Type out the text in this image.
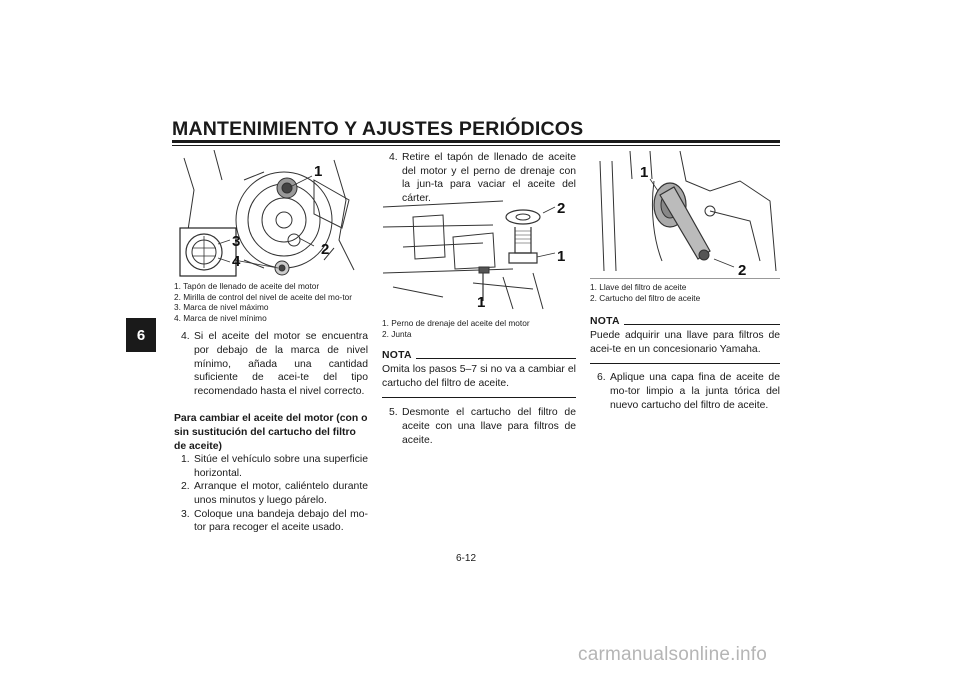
MANTENIMIENTO Y AJUSTES PERIÓDICOS
6
1
2
3
4
1. Tapón de llenado de aceite del motor
2. Mirilla de control del nivel de aceite del mo-tor
3. Marca de nivel máximo
4. Marca de nivel mínimo

4. Si el aceite del motor se encuentra por debajo de la marca de nivel mínimo, añada una cantidad suficiente de acei-te del tipo recomendado hasta el nivel correcto.

Para cambiar el aceite del motor (con o sin sustitución del cartucho del filtro de aceite)

1. Sitúe el vehículo sobre una superficie horizontal.

2. Arranque el motor, caliéntelo durante unos minutos y luego párelo.

3. Coloque una bandeja debajo del mo-tor para recoger el aceite usado.

4. Retire el tapón de llenado de aceite del motor y el perno de drenaje con la jun-ta para vaciar el aceite del cárter.

2
1
1
1. Perno de drenaje del aceite del motor
2. Junta
NOTA

Omita los pasos 5–7 si no va a cambiar el cartucho del filtro de aceite.

5. Desmonte el cartucho del filtro de aceite con una llave para filtros de aceite.

1
2
1. Llave del filtro de aceite
2. Cartucho del filtro de aceite
NOTA

Puede adquirir una llave para filtros de acei-te en un concesionario Yamaha.

6. Aplique una capa fina de aceite de mo-tor limpio a la junta tórica del nuevo cartucho del filtro de aceite.

6-12
carmanualsonline.info
